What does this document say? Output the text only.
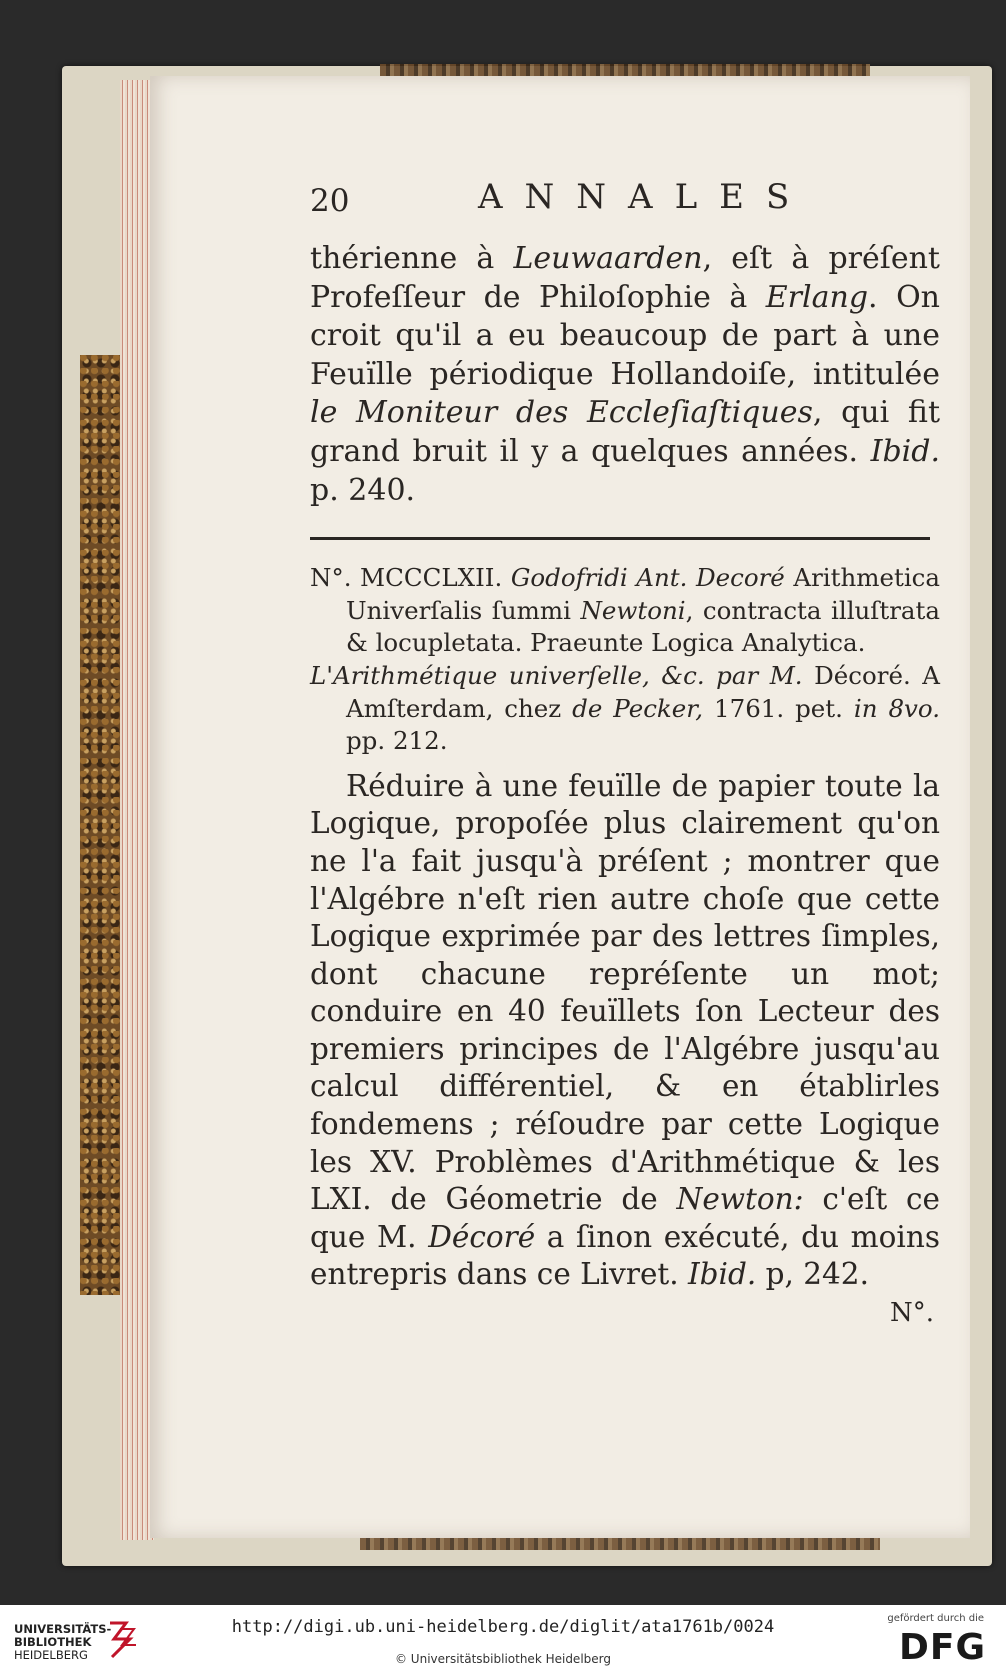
20	ANNALES

thérienne à Leuwaarden, eſt à préſent Profeſſeur de Philoſophie à Erlang. On croit qu'il a eu beaucoup de part à une Feuïlle périodique Hollandoiſe, intitulée le Moniteur des Eccleſiaſtiques, qui fit grand bruit il y a quelques années. Ibid. p. 240.

N°. MCCCLXII. Godofridi Ant. Decoré Arithmetica Univerſalis ſummi Newtoni, contracta illuſtrata & locupletata. Praeunte Logica Analytica.
L'Arithmétique univerſelle, &c. par M. Décoré. A Amſterdam, chez de Pecker, 1761. pet. in 8vo. pp. 212.

Réduire à une feuïlle de papier toute la Logique, propoſée plus clairement qu'on ne l'a fait jusqu'à préſent ; montrer que l'Algébre n'eſt rien autre choſe que cette Logique exprimée par des lettres ſimples, dont chacune repréſente un mot; conduire en 40 feuïllets ſon Lecteur des premiers principes de l'Algébre jusqu'au calcul différentiel, & en établirles fondemens ; réſoudre par cette Logique les XV. Problèmes d'Arithmétique & les LXI. de Géometrie de Newton: c'eſt ce que M. Décoré a ſinon exécuté, du moins entrepris dans ce Livret. Ibid. p, 242.

N°.
UNIVERSITÄTS-
BIBLIOTHEK
HEIDELBERG
http://digi.ub.uni-heidelberg.de/diglit/ata1761b/0024
© Universitätsbibliothek Heidelberg
gefördert durch die
DFG
